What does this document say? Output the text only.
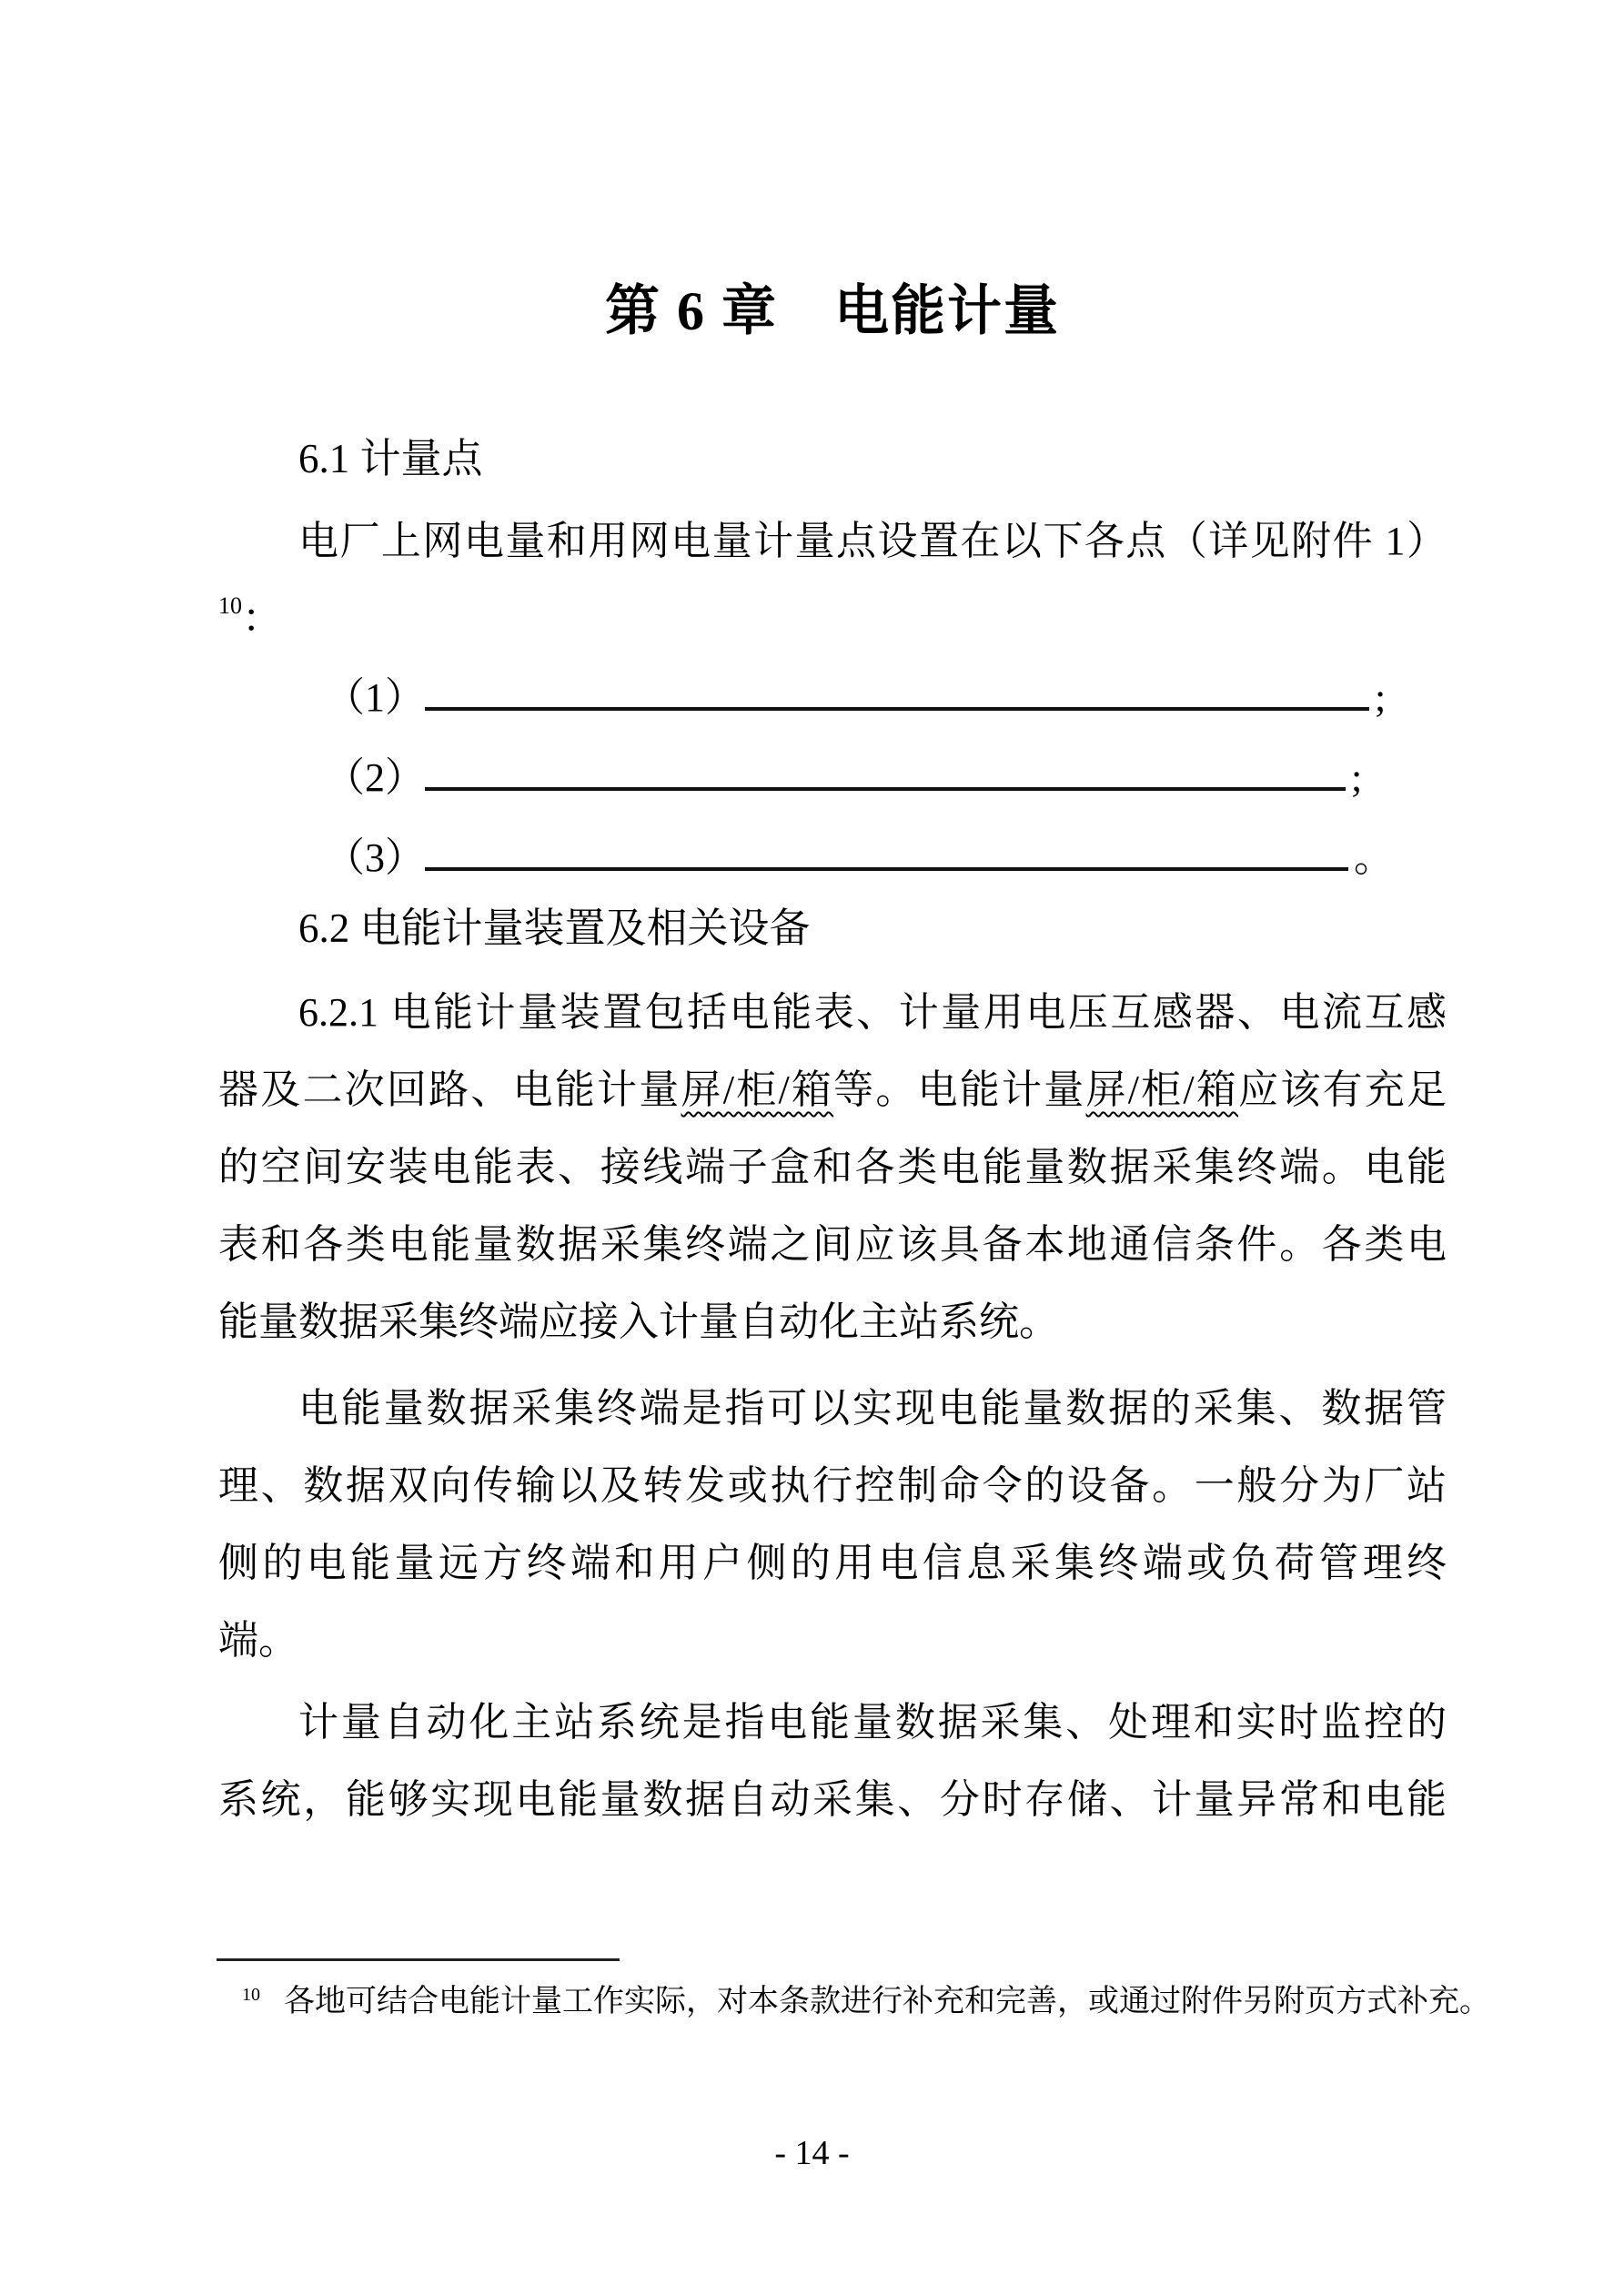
第 6 章　电能计量
6.1 计量点
电厂上网电量和用网电量计量点设置在以下各点（详见附件 1）
$^{10}$：
（1）	;
（2）	;
（3）	。
6.2 电能计量装置及相关设备
6.2.1 电能计量装置包括电能表、计量用电压互感器、电流互感
器及二次回路、电能计量屏/柜/箱等。电能计量屏/柜/箱应该有充足
的空间安装电能表、接线端子盒和各类电能量数据采集终端。电能
表和各类电能量数据采集终端之间应该具备本地通信条件。各类电
能量数据采集终端应接入计量自动化主站系统。
电能量数据采集终端是指可以实现电能量数据的采集、数据管
理、数据双向传输以及转发或执行控制命令的设备。一般分为厂站
侧的电能量远方终端和用户侧的用电信息采集终端或负荷管理终
端。
计量自动化主站系统是指电能量数据采集、处理和实时监控的
系统，能够实现电能量数据自动采集、分时存储、计量异常和电能
$^{10}$ 各地可结合电能计量工作实际，对本条款进行补充和完善，或通过附件另附页方式补充。
- 14 -
